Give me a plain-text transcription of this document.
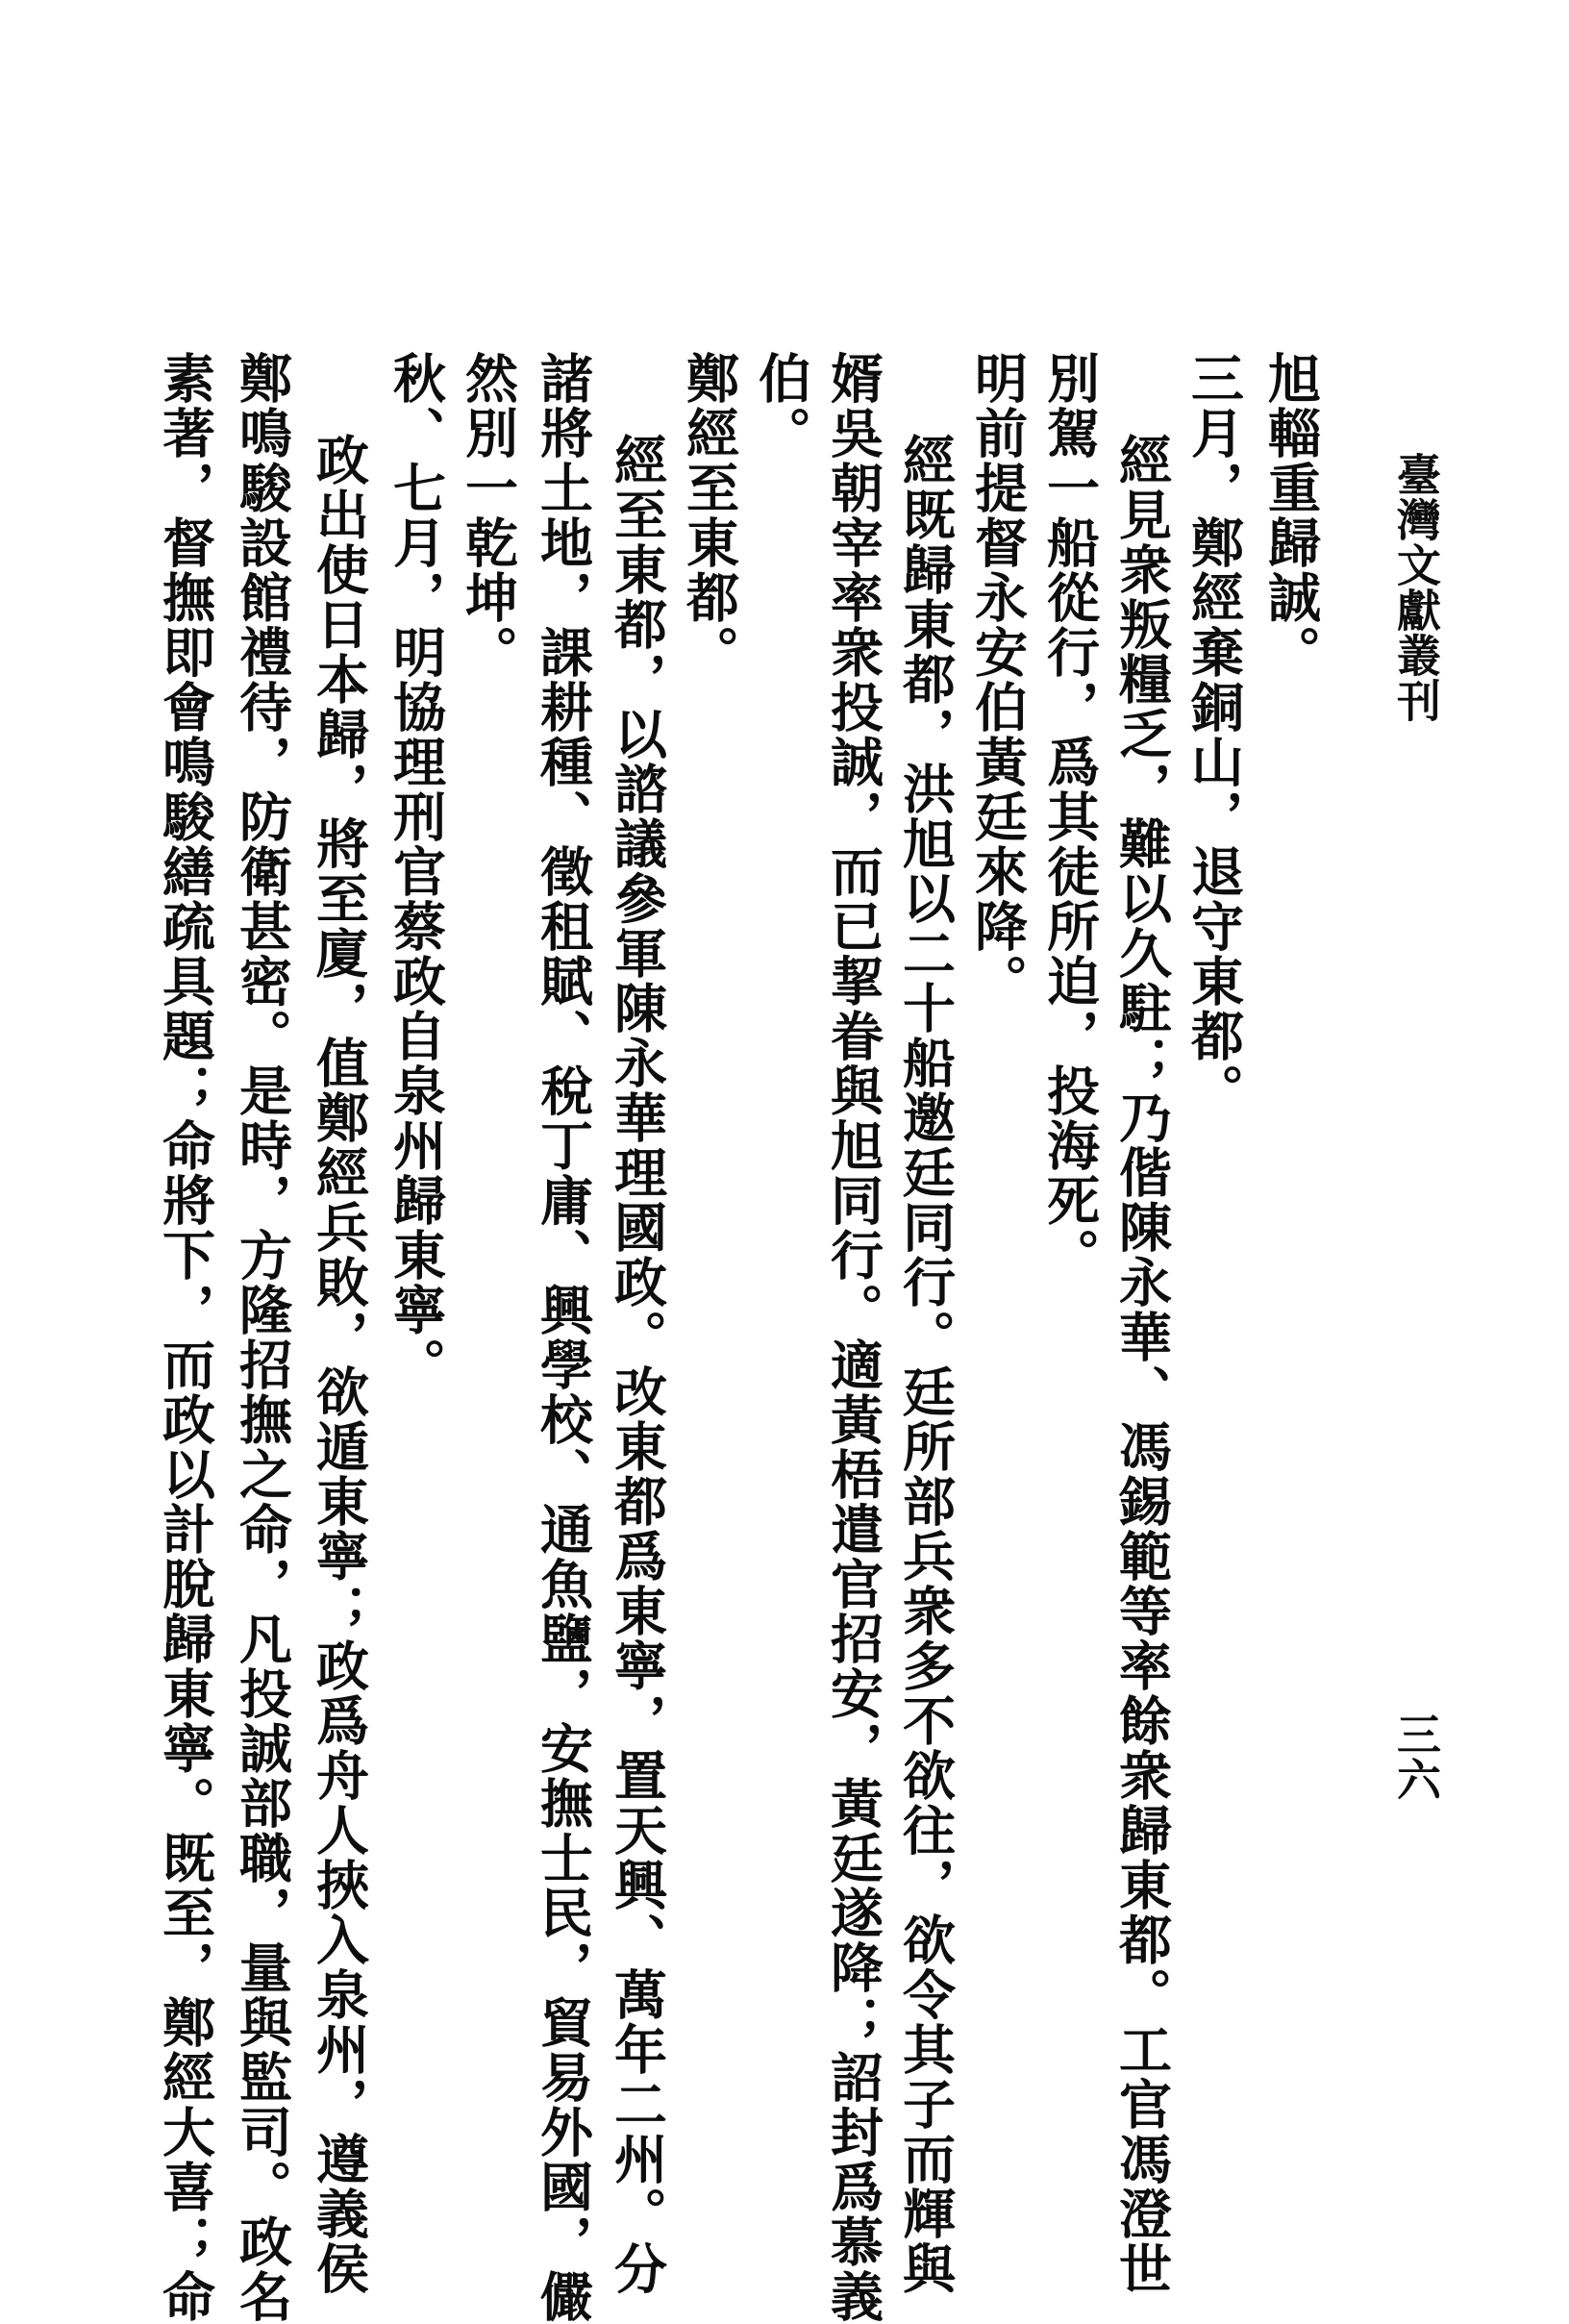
臺灣文獻叢刊
三六
旭輜重歸誠。
三月，鄭經棄銅山，退守東都。
經見衆叛糧乏，難以久駐；乃偕陳永華、馮錫範等率餘衆歸東都。工官馮澄世
別駕一船從行，爲其徒所迫，投海死。
明前提督永安伯黃廷來降。
經既歸東都，洪旭以二十船邀廷同行。廷所部兵衆多不欲往，欲令其子而輝與
婿吳朝宰率衆投誠，而已挈眷與旭同行。適黃梧遣官招安，黃廷遂降；詔封爲慕義
伯。
鄭經至東都。
經至東都，以諮議參軍陳永華理國政。改東都爲東寧，置天興、萬年二州。分
諸將土地，課耕種、徵租賦、稅丁庸、興學校、通魚鹽，安撫士民，貿易外國，儼
然別一乾坤。
秋、七月，明協理刑官蔡政自泉州歸東寧。
政出使日本歸，將至廈，值鄭經兵敗，欲遁東寧；政爲舟人挾入泉州，遵義侯
鄭鳴駿設館禮待，防衛甚密。是時，方隆招撫之命，凡投誠部職，量與監司。政名
素著，督撫即會鳴駿繕疏具題；命將下，而政以計脫歸東寧。既至，鄭經大喜；命
